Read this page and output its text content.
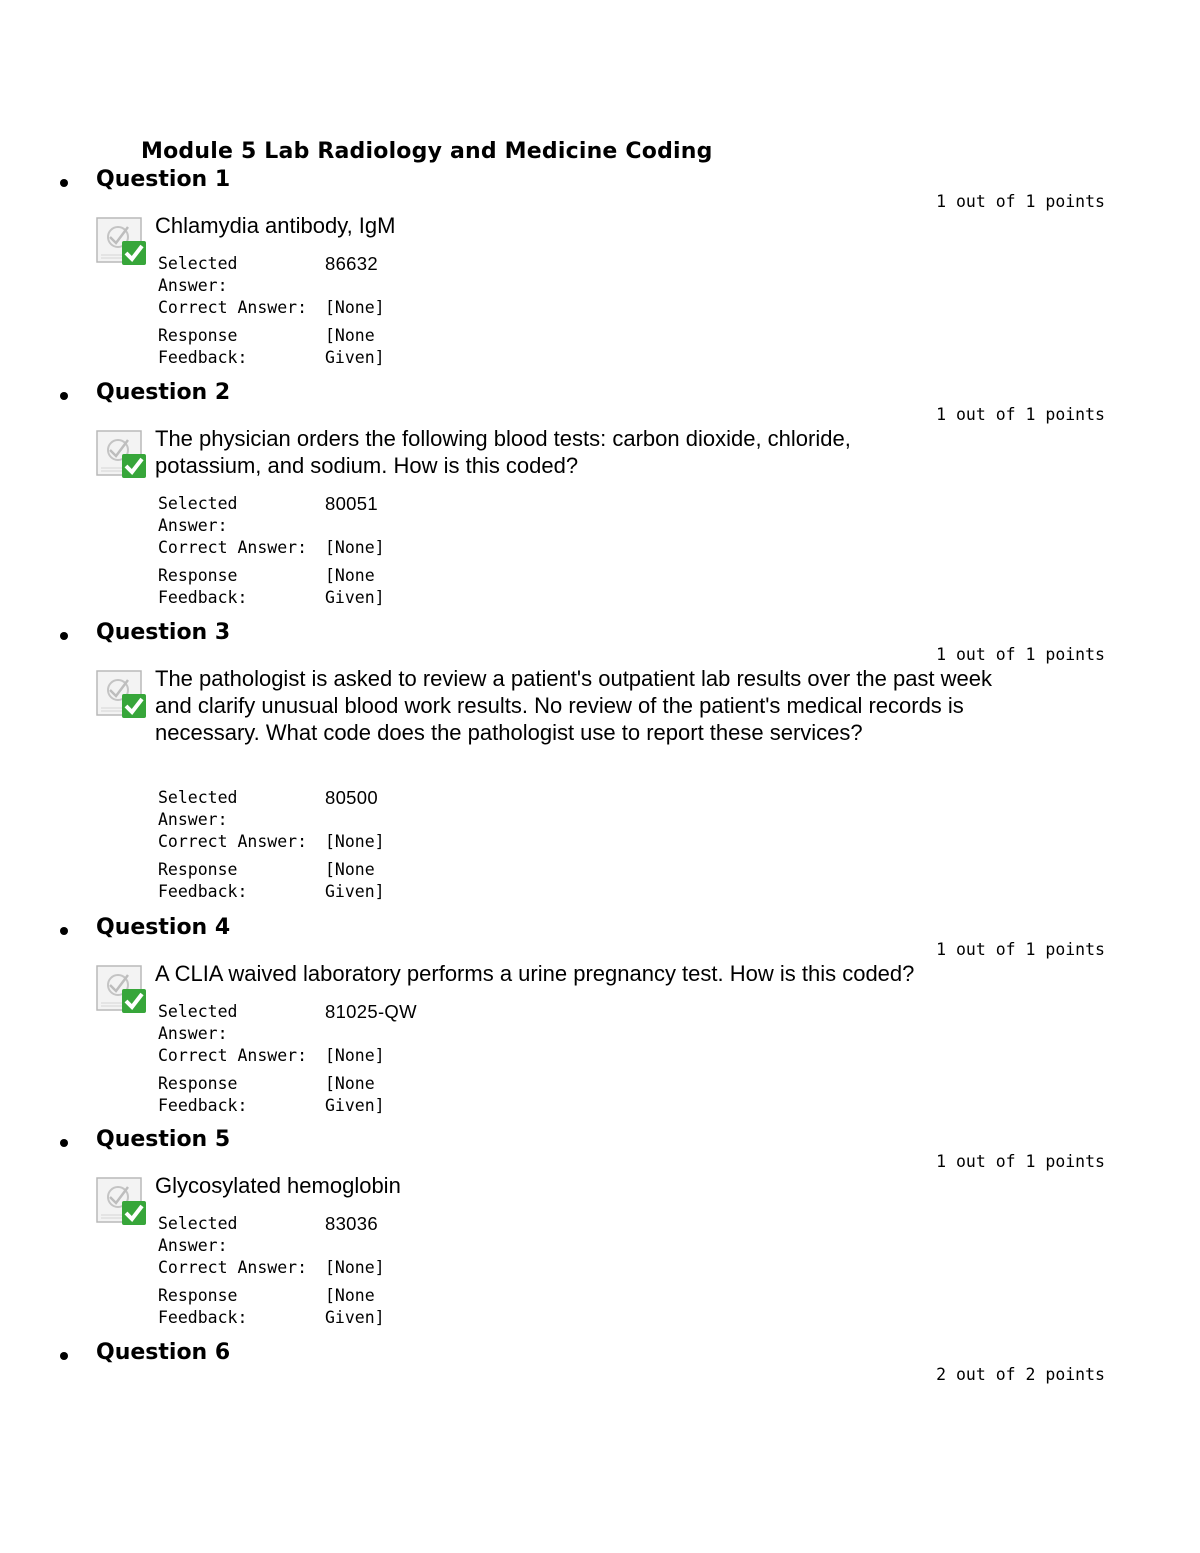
Module 5 Lab Radiology and Medicine Coding
Question 1
1 out of 1 points
Chlamydia antibody, IgM
Selected Answer:
86632
Correct Answer: [None]
Response Feedback:
[None Given]
Question 2
1 out of 1 points
The physician orders the following blood tests: carbon dioxide, chloride, potassium, and sodium. How is this coded?
Selected Answer:
80051
Correct Answer: [None]
Response Feedback:
[None Given]
Question 3
1 out of 1 points
The pathologist is asked to review a patient's outpatient lab results over the past week and clarify unusual blood work results. No review of the patient's medical records is necessary. What code does the pathologist use to report these services?
Selected Answer:
80500
Correct Answer: [None]
Response Feedback:
[None Given]
Question 4
1 out of 1 points
A CLIA waived laboratory performs a urine pregnancy test. How is this coded?
Selected Answer:
81025-QW
Correct Answer: [None]
Response Feedback:
[None Given]
Question 5
1 out of 1 points
Glycosylated hemoglobin
Selected Answer:
83036
Correct Answer: [None]
Response Feedback:
[None Given]
Question 6
2 out of 2 points
